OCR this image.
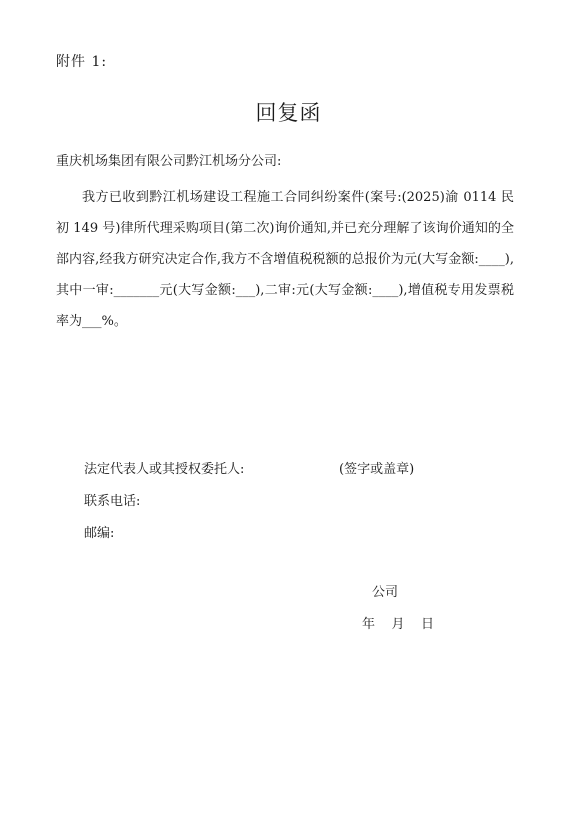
附件 1:
回复函
重庆机场集团有限公司黔江机场分公司:
我方已收到黔江机场建设工程施工合同纠纷案件(案号:(2025)渝 0114 民初 149 号)律所代理采购项目(第二次)询价通知,并已充分理解了该询价通知的全部内容,经我方研究决定合作,我方不含增值税税额的总报价为元(大写金额:____),其中一审:_______元(大写金额:___),二审:元(大写金额:____),增值税专用发票税率为___%。
法定代表人或其授权委托人:	(签字或盖章)
联系电话:
邮编:
公司
年    月    日
